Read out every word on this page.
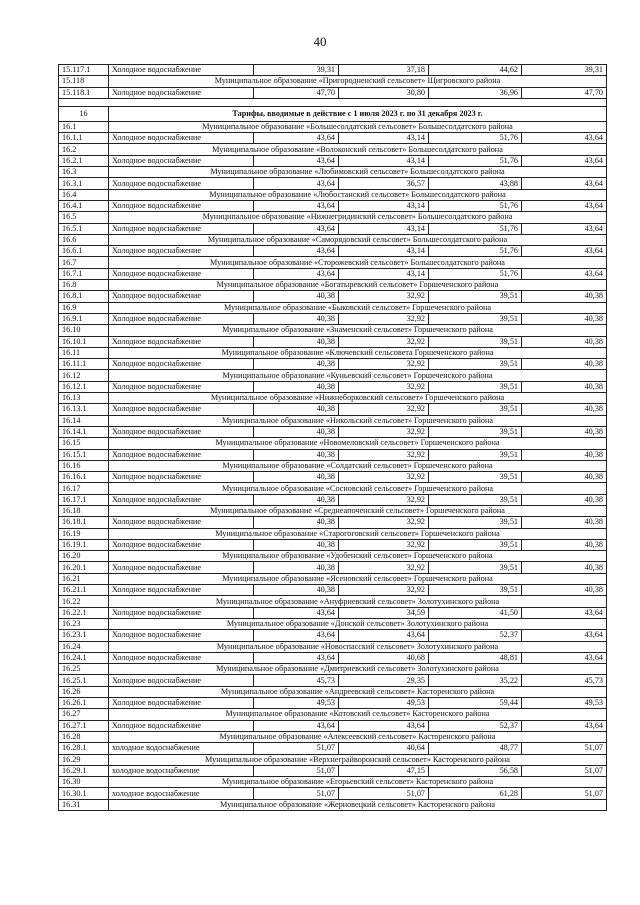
40
15.117.1	Холодное водоснабжение	39,31	37,18	44,62	39,31
15.118	Муниципальное образование «Пригородненский сельсовет» Щигровского района				
15.118.1	Холодное водоснабжение	47,70	30,80	36,96	47,70

16	Тарифы, вводимые в действие с 1 июля 2023 г. по 31 декабря 2023 г.				
16.1	Муниципальное образование «Большесолдатский сельсовет» Большесолдатского района				
16.1.1	Холодное водоснабжение	43,64	43,14	51,76	43,64
16.2	Муниципальное образование «Волоконский сельсовет» Большесолдатского района				
16.2.1	Холодное водоснабжение	43,64	43,14	51,76	43,64
16.3	Муниципальное образование «Любимовский сельсовет» Большесолдатского района				
16.3.1	Холодное водоснабжение	43,64	36,57	43,88	43,64
16.4	Муниципальное образование «Любостанский сельсовет» Большесолдатского района				
16.4.1	Холодное водоснабжение	43,64	43,14	51,76	43,64
16.5	Муниципальное образование «Нижнегридинский сельсовет» Большесолдатского района				
16.5.1	Холодное водоснабжение	43,64	43,14	51,76	43,64
16.6	Муниципальное образование «Саморядовский сельсовет» Большесолдатского района				
16.6.1	Холодное водоснабжение	43,64	43,14	51,76	43,64
16.7	Муниципальное образование «Сторожевский сельсовет» Большесолдатского района				
16.7.1	Холодное водоснабжение	43,64	43,14	51,76	43,64
16.8	Муниципальное образование «Богатыревский сельсовет» Горшеченского района				
16.8.1	Холодное водоснабжение	40,38	32,92	39,51	40,38
16.9	Муниципальное образование «Быковский сельсовет» Горшеченского района				
16.9.1	Холодное водоснабжение	40,38	32,92	39,51	40,38
16.10	Муниципальное образование «Знаменский сельсовет» Горшеченского района				
16.10.1	Холодное водоснабжение	40,38	32,92	39,51	40,38
16.11	Муниципальное образование «Ключевский сельсовета Горшеченского района				
16.11.1	Холодное водоснабжение	40,38	32,92	39,51	40,38
16.12	Муниципальное образование «Куньевский сельсовет» Горшеченского района				
16.12.1	Холодное водоснабжение	40,38	32,92	39,51	40,38
16.13	Муниципальное образование «Нижнеборковский сельсовет» Горшеченского района				
16.13.1	Холодное водоснабжение	40,38	32,92	39,51	40,38
16.14	Муниципальное образование «Никольский сельсовет» Горшеченского района				
16.14.1	Холодное водоснабжение	40,38	32,92	39,51	40,38
16.15	Муниципальное образование «Новомеловский сельсовет» Горшеченского района				
16.15.1	Холодное водоснабжение	40,38	32,92	39,51	40,38
16.16	Муниципальное образование «Солдатский сельсовет» Горшеченского района				
16.16.1	Холодное водоснабжение	40,38	32,92	39,51	40,38
16.17	Муниципальное образование «Сосновский сельсовет» Горшеченского района				
16.17.1	Холодное водоснабжение	40,38	32,92	39,51	40,38
16.18	Муниципальное образование «Среднеапоченский сельсовет» Горшеченского района				
16.18.1	Холодное водоснабжение	40,38	32,92	39,51	40,38
16.19	Муниципальное образование «Старогоговский сельсовет» Горшеченского района				
16.19.1	Холодное водоснабжение	40,38	32,92	39,51	40,38
16.20	Муниципальное образование «Удобенский сельсовет» Горшеченского района				
16.20.1	Холодное водоснабжение	40,38	32,92	39,51	40,38
16.21	Муниципальное образование «Ясеновский сельсовет» Горшеченского района				
16.21.1	Холодное водоснабжение	40,38	32,92	39,51	40,38
16.22	Муниципальное образование «Ануфриевский сельсовет» Золотухинского района				
16.22.1	Холодное водоснабжение	43,64	34,59	41,50	43,64
16.23	Муниципальное образование «Донской сельсовет» Золотухинского района				
16.23.1	Холодное водоснабжение	43,64	43,64	52,37	43,64
16.24	Муниципальное образование «Новоспасский сельсовет» Золотухинского района				
16.24.1	Холодное водоснабжение	43,64	40,68	48,81	43,64
16.25	Муниципальное образование «Дмитриевский сельсовет» Золотухинского района				
16.25.1	Холодное водоснабжение	45,73	29,35	35,22	45,73
16.26	Муниципальное образование «Андреевский сельсовет» Касторенского района				
16.26.1	Холодное водоснабжение	49,53	49,53	59,44	49,53
16.27	Муниципальное образование «Котовский сельсовет» Касторенского района				
16.27.1	Холодное водоснабжение	43,64	43,64	52,37	43,64
16.28	Муниципальное образование «Алексеевский сельсовет» Касторенского района				
16.28.1	холодное водоснабжение	51,07	40,64	48,77	51,07
16.29	Муниципальное образование «Верхнеграйворонский сельсовет» Касторенского района				
16.29.1	холодное водоснабжение	51,07	47,15	56,58	51,07
16.30	Муниципальное образование «Егорьевский сельсовет» Касторенского района				
16.30.1	холодное водоснабжение	51,07	51,07	61,28	51,07
16.31	Муниципальное образование «Жерновецкий сельсовет» Касторенского района				
